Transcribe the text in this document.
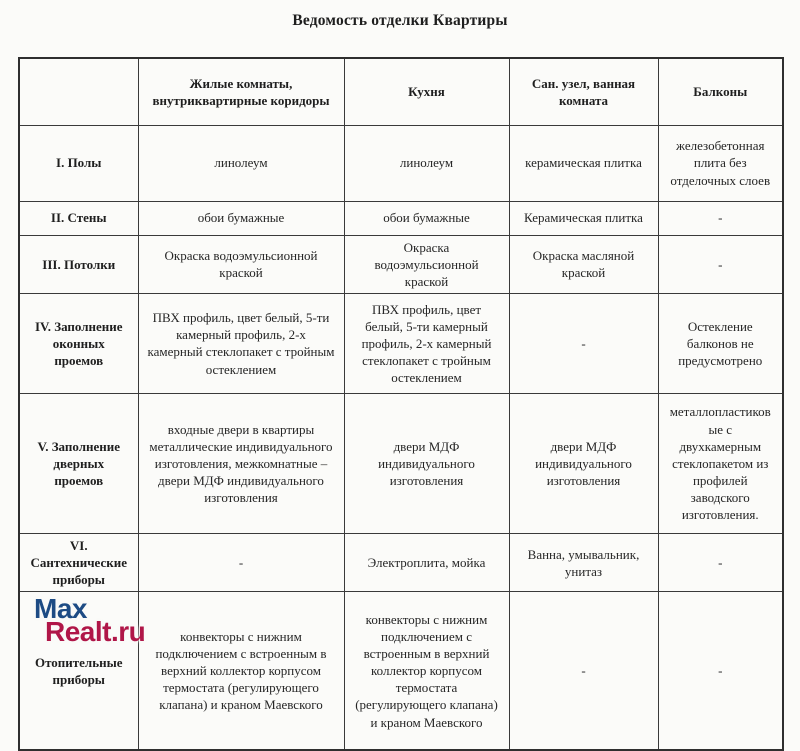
Ведомость отделки Квартиры
	Жилые комнаты, внутриквартирные коридоры	Кухня	Сан. узел, ванная комната	Балконы
I. Полы	линолеум	линолеум	керамическая плитка	железобетонная плита без отделочных слоев
II. Стены	обои бумажные	обои бумажные	Керамическая плитка	-
III. Потолки	Окраска водоэмульсионной краской	Окраска водоэмульсионной краской	Окраска масляной краской	-
IV. Заполнение оконных проемов	ПВХ профиль, цвет белый, 5-ти камерный профиль, 2-х камерный стеклопакет с тройным остеклением	ПВХ профиль, цвет белый, 5-ти камерный профиль, 2-х камерный стеклопакет с тройным остеклением	-	Остекление балконов не предусмотрено
V. Заполнение дверных проемов	входные двери в квартиры металлические индивидуального изготовления, межкомнатные – двери МДФ индивидуального изготовления	двери МДФ индивидуального изготовления	двери МДФ индивидуального изготовления	металлопластиковые с двухкамерным стеклопакетом из профилей заводского изготовления.
VI. Сантехнические приборы	-	Электроплита, мойка	Ванна, умывальник, унитаз	-
Отопительные приборы	конвекторы с нижним подключением с встроенным в верхний коллектор корпусом термостата (регулирующего клапана) и краном Маевского	конвекторы с нижним подключением с встроенным в верхний коллектор корпусом термостата (регулирующего клапана) и краном Маевского	-	-
Max
Realt.ru
